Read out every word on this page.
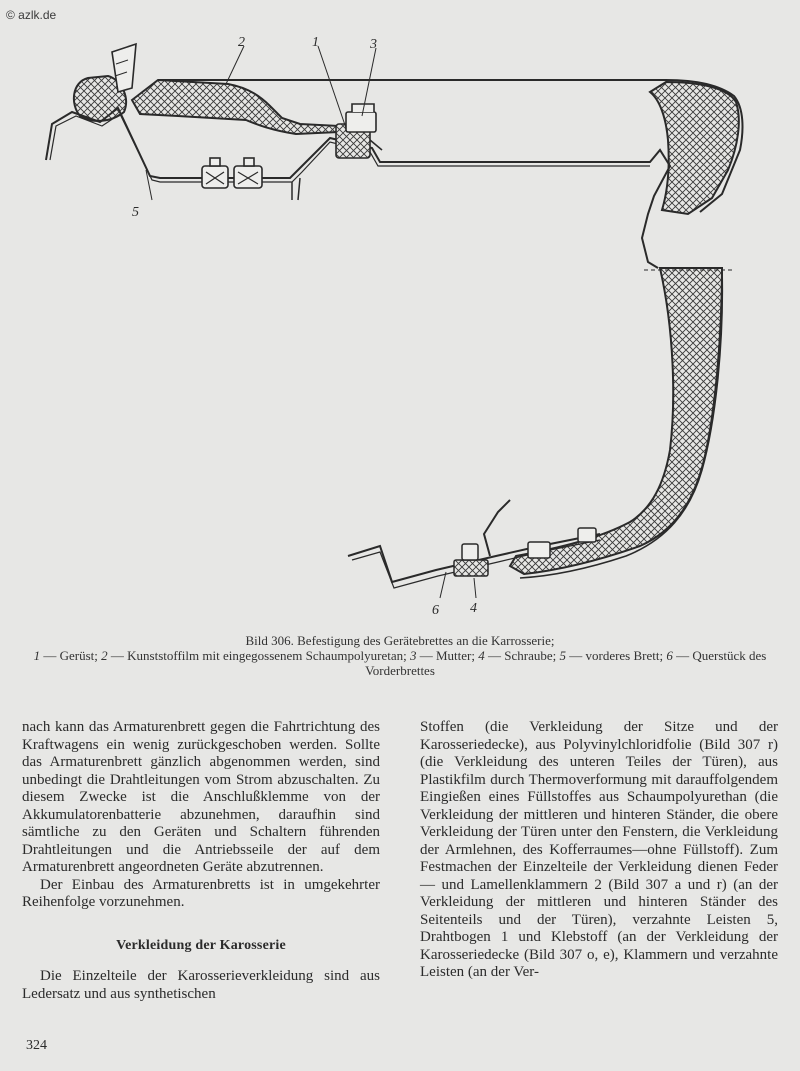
© azlk.de
2	1	3
5
6 4
Bild 306. Befestigung des Gerätebrettes an die Karrosserie;
1 — Gerüst; 2 — Kunststoffilm mit eingegossenem Schaumpolyuretan; 3 — Mutter; 4 — Schraube; 5 — vorderes Brett; 6 — Querstück des Vorderbrettes

nach kann das Armaturenbrett gegen die Fahrtrichtung des Kraftwagens ein wenig zurückgeschoben werden. Sollte das Armaturenbrett gänzlich abgenommen werden, sind unbedingt die Drahtleitungen vom Strom abzuschalten. Zu diesem Zwecke ist die Anschlußklemme von der Akkumulatorenbatterie abzunehmen, daraufhin sind sämtliche zu den Geräten und Schaltern führenden Drahtleitungen und die Antriebsseile der auf dem Armaturenbrett angeordneten Geräte abzutrennen.

Der Einbau des Armaturenbretts ist in umgekehrter Reihenfolge vorzunehmen.

Verkleidung der Karosserie

Die Einzelteile der Karosserieverkleidung sind aus Ledersatz und aus synthetischen

Stoffen (die Verkleidung der Sitze und der Karosseriedecke), aus Polyvinylchloridfolie (Bild 307 r) (die Verkleidung des unteren Teiles der Türen), aus Plastikfilm durch Thermoverformung mit darauffolgendem Eingießen eines Füllstoffes aus Schaumpolyurethan (die Verkleidung der mittleren und hinteren Ständer, die obere Verkleidung der Türen unter den Fenstern, die Verkleidung der Armlehnen, des Kofferraumes—ohne Füllstoff). Zum Festmachen der Einzelteile der Verkleidung dienen Feder— und Lamellenklammern 2 (Bild 307 a und r) (an der Verkleidung der mittleren und hinteren Ständer des Seitenteils und der Türen), verzahnte Leisten 5, Drahtbogen 1 und Klebstoff (an der Verkleidung der Karosseriedecke (Bild 307 o, e), Klammern und verzahnte Leisten (an der Ver-

324
